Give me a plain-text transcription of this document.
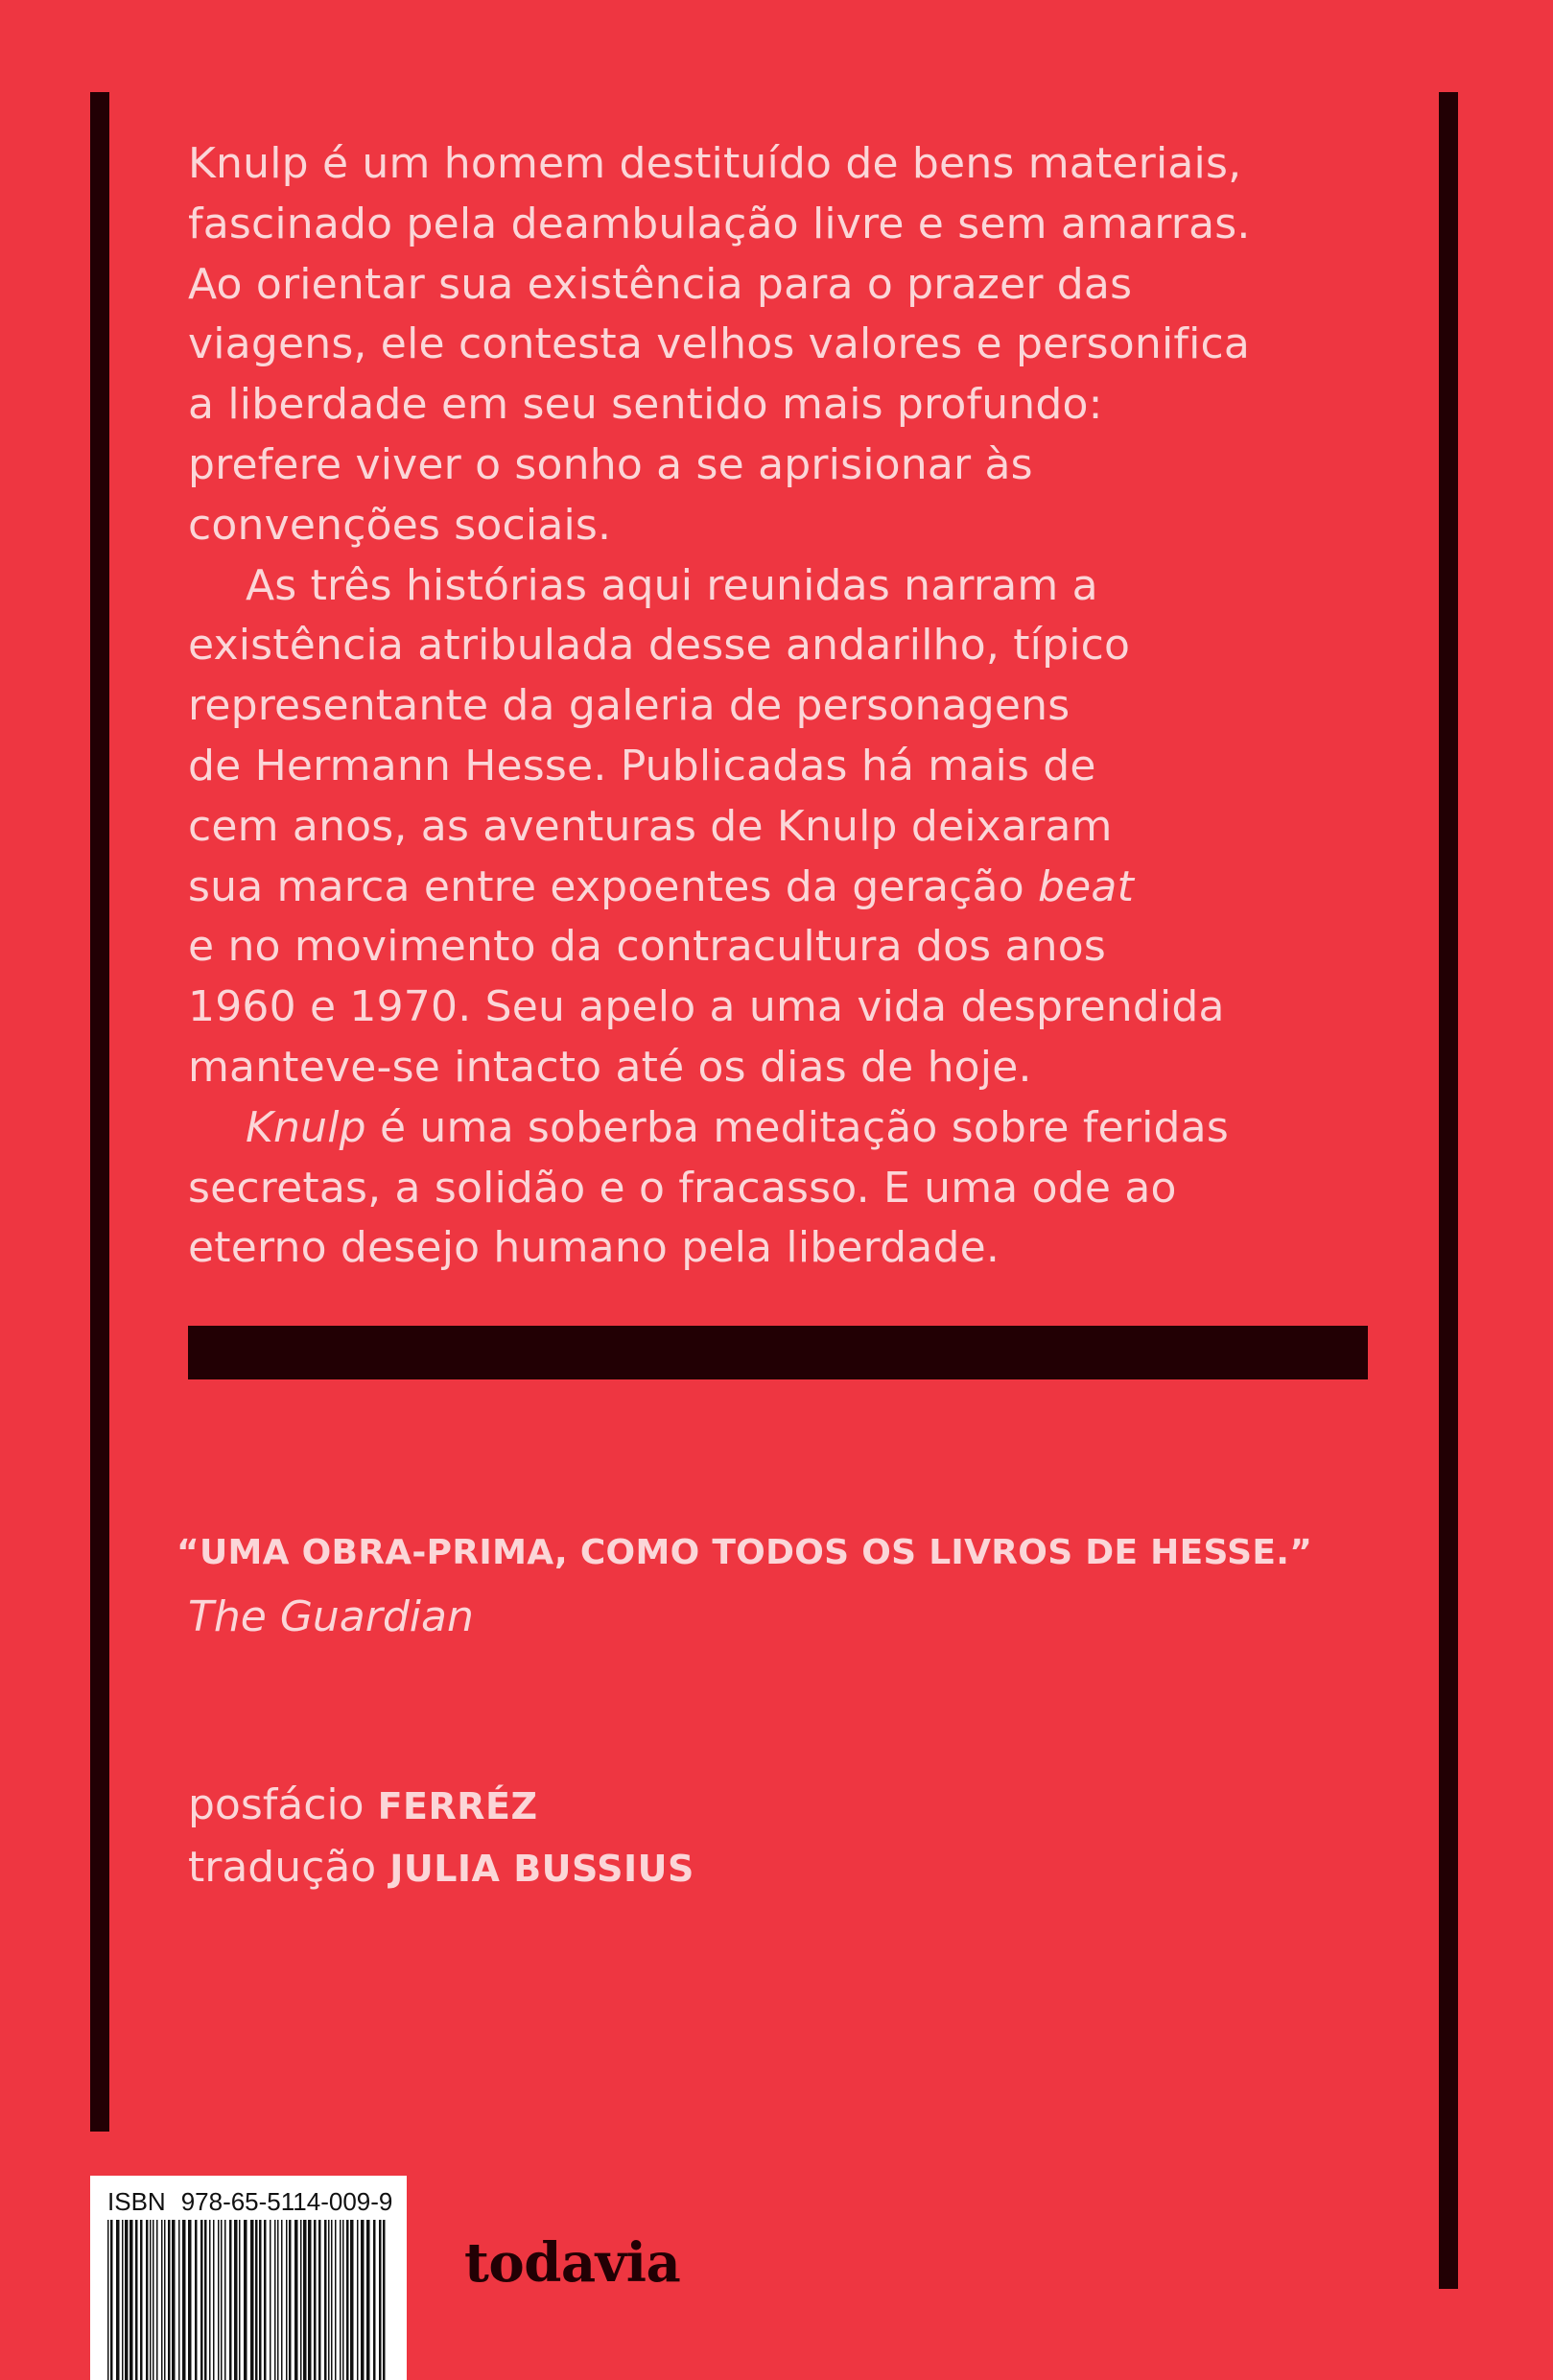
Knulp é um homem destituído de bens materiais,
fascinado pela deambulação livre e sem amarras.
Ao orientar sua existência para o prazer das
viagens, ele contesta velhos valores e personifica
a liberdade em seu sentido mais profundo:
prefere viver o sonho a se aprisionar às
convenções sociais.

As três histórias aqui reunidas narram a
existência atribulada desse andarilho, típico
representante da galeria de personagens
de Hermann Hesse. Publicadas há mais de
cem anos, as aventuras de Knulp deixaram
sua marca entre expoentes da geração beat
e no movimento da contracultura dos anos
1960 e 1970. Seu apelo a uma vida desprendida
manteve-se intacto até os dias de hoje.

Knulp é uma soberba meditação sobre feridas
secretas, a solidão e o fracasso. E uma ode ao
eterno desejo humano pela liberdade.

“UMA OBRA-PRIMA, COMO TODOS OS LIVROS DE HESSE.”
The Guardian
posfácio FERRÉZ
tradução JULIA BUSSIUS
ISBN 978-65-5114-009-9
todavia
